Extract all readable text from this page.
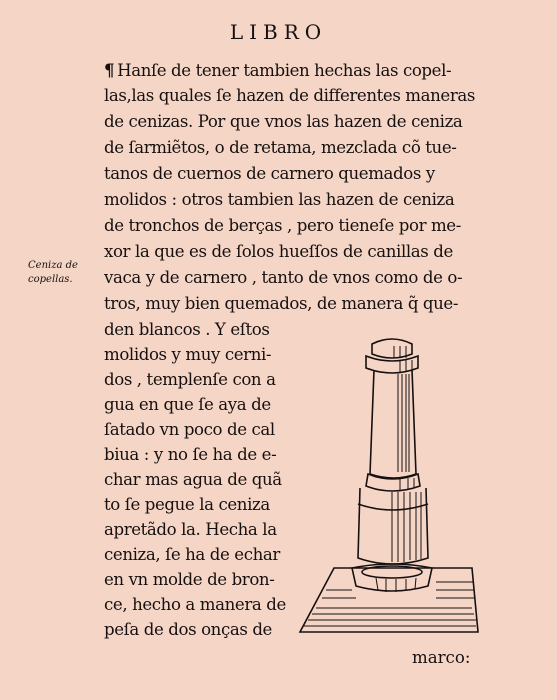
LIBRO
Ceniza de
copellas.
¶ Hanſe de tener tambien hechas las copel-
las,las quales ſe hazen de differentes maneras
de cenizas. Por que vnos las hazen de ceniza
de ſarmiẽtos, o de retama, mezclada cõ tue-
tanos de cuernos de carnero quemados y
molidos : otros tambien las hazen de ceniza
de tronchos de berças , pero tieneſe por me-
xor la que es de ſolos hueſſos de canillas de
vaca y de carnero , tanto de vnos como de o-
tros, muy bien quemados, de manera q̃ que-
den blancos . Y eſtos
molidos y muy cerni-
dos , templenſe con a
gua en que ſe aya de
ſatado vn poco de cal
biua : y no ſe ha de e-
char mas agua de quã
to ſe pegue la ceniza
apretãdo la. Hecha la
ceniza, ſe ha de echar
en vn molde de bron-
ce, hecho a manera de
peſa de dos onças de
marco:
